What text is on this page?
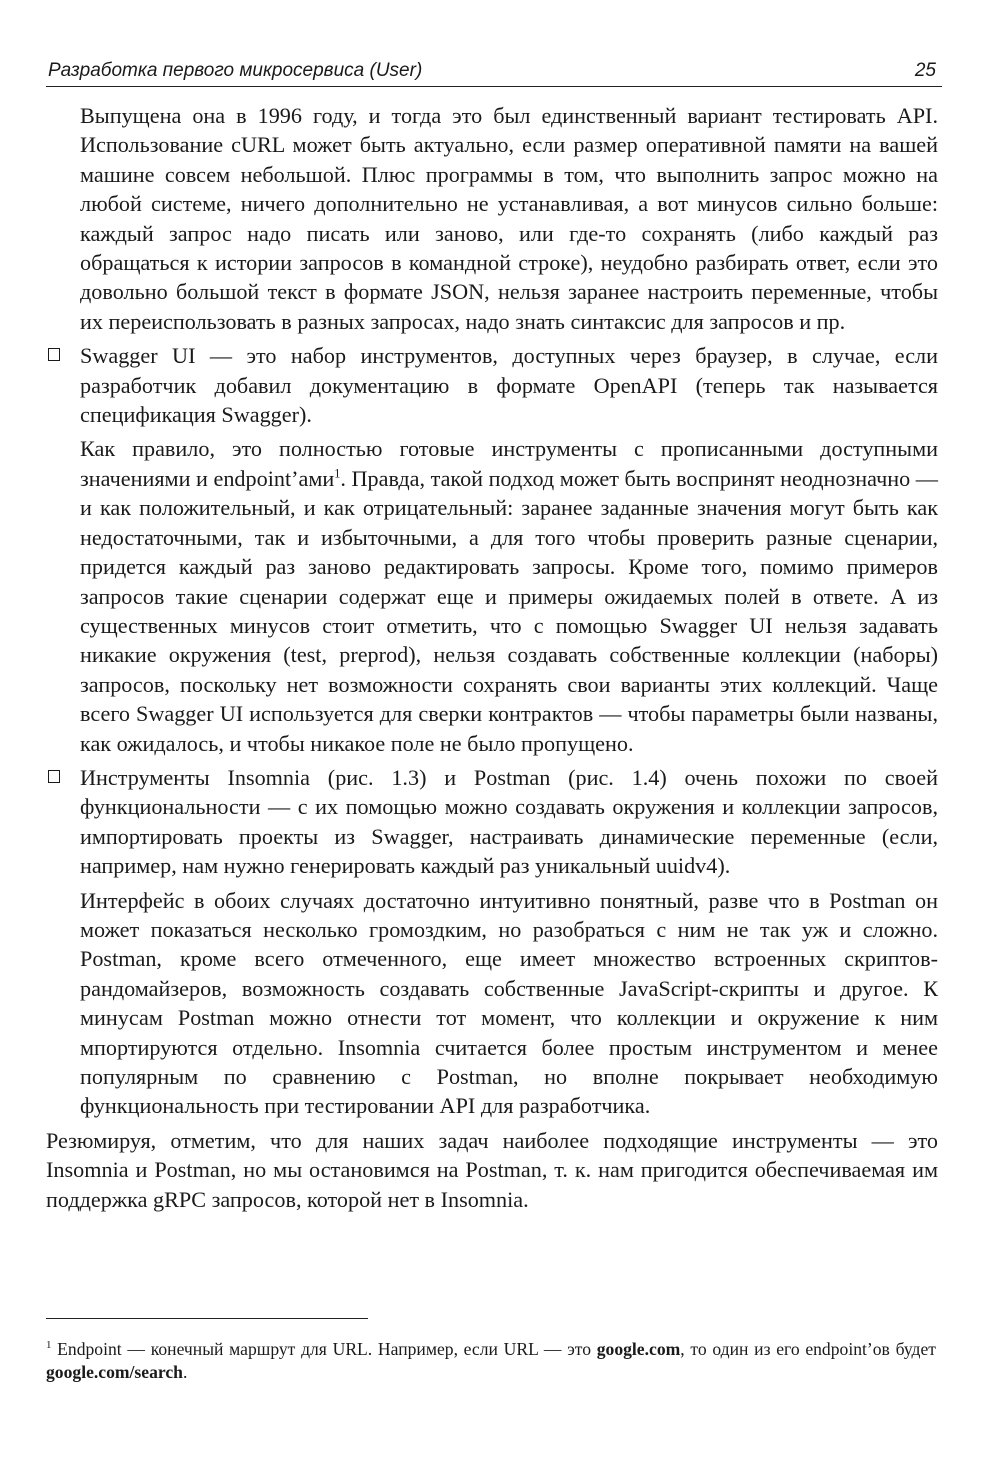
Разработка первого микросервиса (User)	25

Выпущена она в 1996 году, и тогда это был единственный вариант тестировать API. Использование cURL может быть актуально, если размер оперативной памяти на вашей машине совсем небольшой. Плюс программы в том, что выполнить запрос можно на любой системе, ничего дополнительно не устанавливая, а вот минусов сильно больше: каждый запрос надо писать или заново, или где-то сохранять (либо каждый раз обращаться к истории запросов в командной строке), неудобно разбирать ответ, если это довольно большой текст в формате JSON, нельзя заранее настроить переменные, чтобы их переиспользовать в разных запросах, надо знать синтаксис для запросов и пр.

Swagger UI — это набор инструментов, доступных через браузер, в случае, если разработчик добавил документацию в формате OpenAPI (теперь так называется спецификация Swagger).

Как правило, это полностью готовые инструменты с прописанными доступными значениями и endpoint’ами$^1$. Правда, такой подход может быть воспринят неоднозначно — и как положительный, и как отрицательный: заранее заданные значения могут быть как недостаточными, так и избыточными, а для того чтобы проверить разные сценарии, придется каждый раз заново редактировать запросы. Кроме того, помимо примеров запросов такие сценарии содержат еще и примеры ожидаемых полей в ответе. А из существенных минусов стоит отметить, что с помощью Swagger UI нельзя задавать никакие окружения (test, preprod), нельзя создавать собственные коллекции (наборы) запросов, поскольку нет возможности сохранять свои варианты этих коллекций. Чаще всего Swagger UI используется для сверки контрактов — чтобы параметры были названы, как ожидалось, и чтобы никакое поле не было пропущено.

Инструменты Insomnia (рис. 1.3) и Postman (рис. 1.4) очень похожи по своей функциональности — с их помощью можно создавать окружения и коллекции запросов, импортировать проекты из Swagger, настраивать динамические переменные (если, например, нам нужно генерировать каждый раз уникальный uuidv4).

Интерфейс в обоих случаях достаточно интуитивно понятный, разве что в Postman он может показаться несколько громоздким, но разобраться с ним не так уж и сложно. Postman, кроме всего отмеченного, еще имеет множество встроенных скриптов-рандомайзеров, возможность создавать собственные JavaScript-скрипты и другое. К минусам Postman можно отнести тот момент, что коллекции и окружение к ним мпортируются отдельно. Insomnia считается более простым инструментом и менее популярным по сравнению с Postman, но вполне покрывает необходимую функциональность при тестировании API для разработчика.

Резюмируя, отметим, что для наших задач наиболее подходящие инструменты — это Insomnia и Postman, но мы остановимся на Postman, т. к. нам пригодится обеспечиваемая им поддержка gRPC запросов, которой нет в Insomnia.

$^1$ Endpoint — конечный маршрут для URL. Например, если URL — это google.com, то один из его endpoint’ов будет google.com/search.
